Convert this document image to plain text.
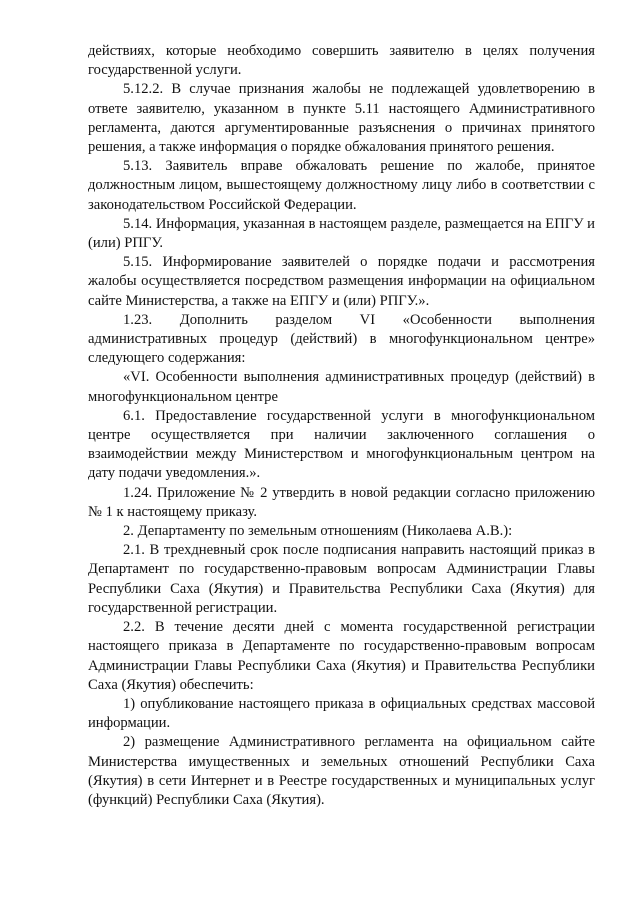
действиях, которые необходимо совершить заявителю в целях получения государственной услуги.

5.12.2. В случае признания жалобы не подлежащей удовлетворению в ответе заявителю, указанном в пункте 5.11 настоящего Административного регламента, даются аргументированные разъяснения о причинах принятого решения, а также информация о порядке обжалования принятого решения.

5.13. Заявитель вправе обжаловать решение по жалобе, принятое должностным лицом, вышестоящему должностному лицу либо в соответствии с законодательством Российской Федерации.

5.14. Информация, указанная в настоящем разделе, размещается на ЕПГУ и (или) РПГУ.

5.15. Информирование заявителей о порядке подачи и рассмотрения жалобы осуществляется посредством размещения информации на официальном сайте Министерства, а также на ЕПГУ и (или) РПГУ.».

1.23. Дополнить разделом VI «Особенности выполнения административных процедур (действий) в многофункциональном центре» следующего содержания:

«VI. Особенности выполнения административных процедур (действий) в многофункциональном центре

6.1. Предоставление государственной услуги в многофункциональном центре осуществляется при наличии заключенного соглашения о взаимодействии между Министерством и многофункциональным центром на дату подачи уведомления.».

1.24. Приложение № 2 утвердить в новой редакции согласно приложению № 1 к настоящему приказу.

2. Департаменту по земельным отношениям (Николаева А.В.):

2.1. В трехдневный срок после подписания направить настоящий приказ в Департамент по государственно-правовым вопросам Администрации Главы Республики Саха (Якутия) и Правительства Республики Саха (Якутия) для государственной регистрации.

2.2. В течение десяти дней с момента государственной регистрации настоящего приказа в Департаменте по государственно-правовым вопросам Администрации Главы Республики Саха (Якутия) и Правительства Республики Саха (Якутия) обеспечить:

1) опубликование настоящего приказа в официальных средствах массовой информации.

2) размещение Административного регламента на официальном сайте Министерства имущественных и земельных отношений Республики Саха (Якутия) в сети Интернет и в Реестре государственных и муниципальных услуг (функций) Республики Саха (Якутия).
